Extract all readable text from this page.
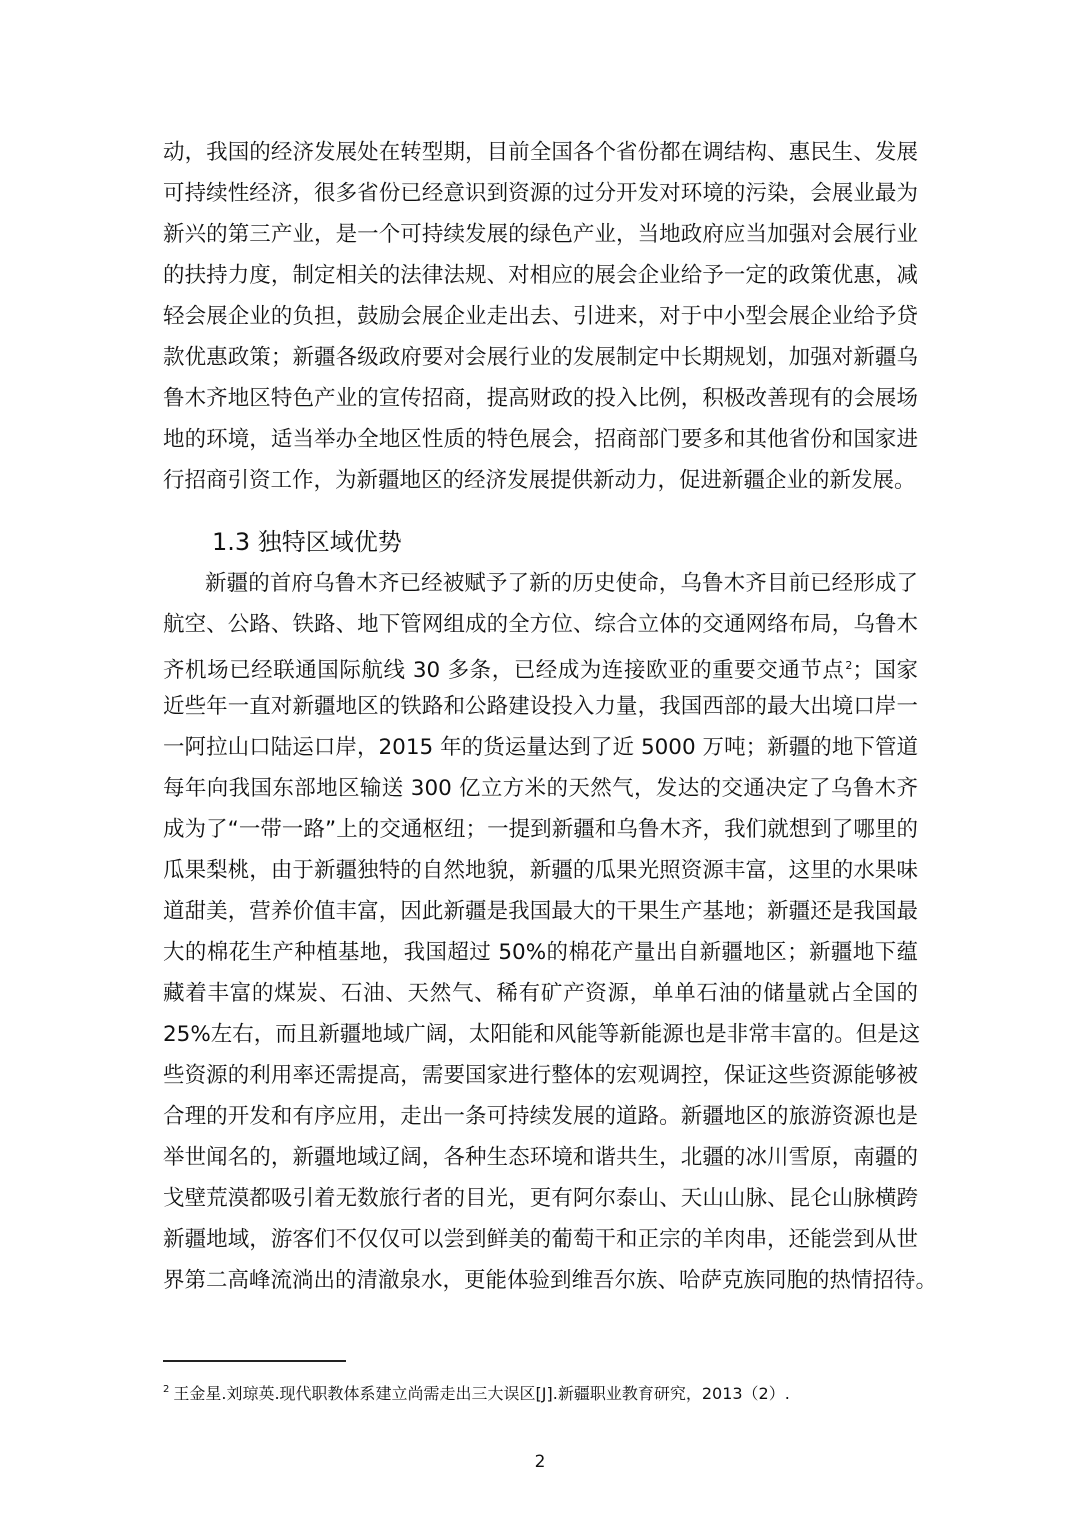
动，我国的经济发展处在转型期，目前全国各个省份都在调结构、惠民生、发展
可持续性经济，很多省份已经意识到资源的过分开发对环境的污染，会展业最为
新兴的第三产业，是一个可持续发展的绿色产业，当地政府应当加强对会展行业
的扶持力度，制定相关的法律法规、对相应的展会企业给予一定的政策优惠，减
轻会展企业的负担，鼓励会展企业走出去、引进来，对于中小型会展企业给予贷
款优惠政策；新疆各级政府要对会展行业的发展制定中长期规划，加强对新疆乌
鲁木齐地区特色产业的宣传招商，提高财政的投入比例，积极改善现有的会展场
地的环境，适当举办全地区性质的特色展会，招商部门要多和其他省份和国家进
行招商引资工作，为新疆地区的经济发展提供新动力，促进新疆企业的新发展。
新疆的首府乌鲁木齐已经被赋予了新的历史使命，乌鲁木齐目前已经形成了
航空、公路、铁路、地下管网组成的全方位、综合立体的交通网络布局，乌鲁木
齐机场已经联通国际航线 30 多条，已经成为连接欧亚的重要交通节点$^2$；国家
近些年一直对新疆地区的铁路和公路建设投入力量，我国西部的最大出境口岸一
一阿拉山口陆运口岸，2015 年的货运量达到了近 5000 万吨；新疆的地下管道
每年向我国东部地区输送 300 亿立方米的天然气，发达的交通决定了乌鲁木齐
成为了“一带一路”上的交通枢纽；一提到新疆和乌鲁木齐，我们就想到了哪里的
瓜果梨桃，由于新疆独特的自然地貌，新疆的瓜果光照资源丰富，这里的水果味
道甜美，营养价值丰富，因此新疆是我国最大的干果生产基地；新疆还是我国最
大的棉花生产种植基地，我国超过 50%的棉花产量出自新疆地区；新疆地下蕴
藏着丰富的煤炭、石油、天然气、稀有矿产资源，单单石油的储量就占全国的
25%左右，而且新疆地域广阔，太阳能和风能等新能源也是非常丰富的。但是这
些资源的利用率还需提高，需要国家进行整体的宏观调控，保证这些资源能够被
合理的开发和有序应用，走出一条可持续发展的道路。新疆地区的旅游资源也是
举世闻名的，新疆地域辽阔，各种生态环境和谐共生，北疆的冰川雪原，南疆的
戈壁荒漠都吸引着无数旅行者的目光，更有阿尔泰山、天山山脉、昆仑山脉横跨
新疆地域，游客们不仅仅可以尝到鲜美的葡萄干和正宗的羊肉串，还能尝到从世
界第二高峰流淌出的清澈泉水，更能体验到维吾尔族、哈萨克族同胞的热情招待。
1.3 独特区域优势
$^2$ 王金星.刘琼英.现代职教体系建立尚需走出三大误区[J].新疆职业教育研究，2013（2）.
2
